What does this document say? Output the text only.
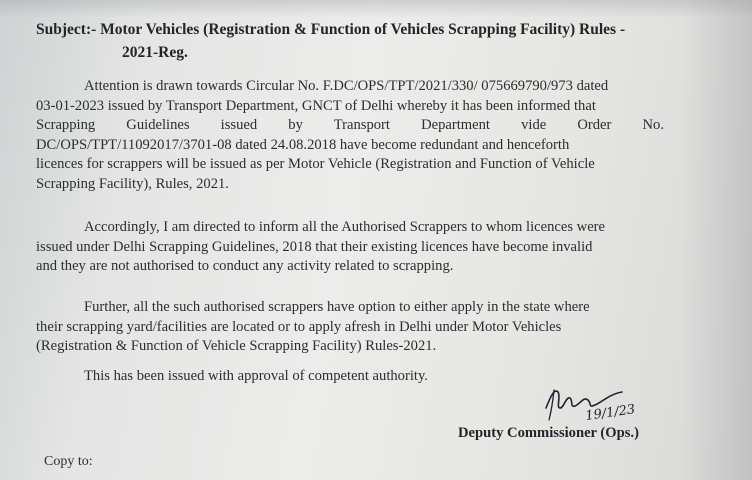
Subject:- Motor Vehicles (Registration & Function of Vehicles Scrapping Facility) Rules -
2021-Reg.
Attention is drawn towards Circular No. F.DC/OPS/TPT/2021/330/ 075669790/973 dated
03-01-2023 issued by Transport Department, GNCT of Delhi whereby it has been informed that
Scrapping Guidelines issued by Transport Department vide Order No.
DC/OPS/TPT/11092017/3701-08 dated 24.08.2018 have become redundant and henceforth
licences for scrappers will be issued as per Motor Vehicle (Registration and Function of Vehicle
Scrapping Facility), Rules, 2021.
Accordingly, I am directed to inform all the Authorised Scrappers to whom licences were
issued under Delhi Scrapping Guidelines, 2018 that their existing licences have become invalid
and they are not authorised to conduct any activity related to scrapping.
Further, all the such authorised scrappers have option to either apply in the state where
their scrapping yard/facilities are located or to apply afresh in Delhi under Motor Vehicles
(Registration & Function of Vehicle Scrapping Facility) Rules-2021.
This has been issued with approval of competent authority.
19/1/23
Deputy Commissioner (Ops.)
Copy to:
